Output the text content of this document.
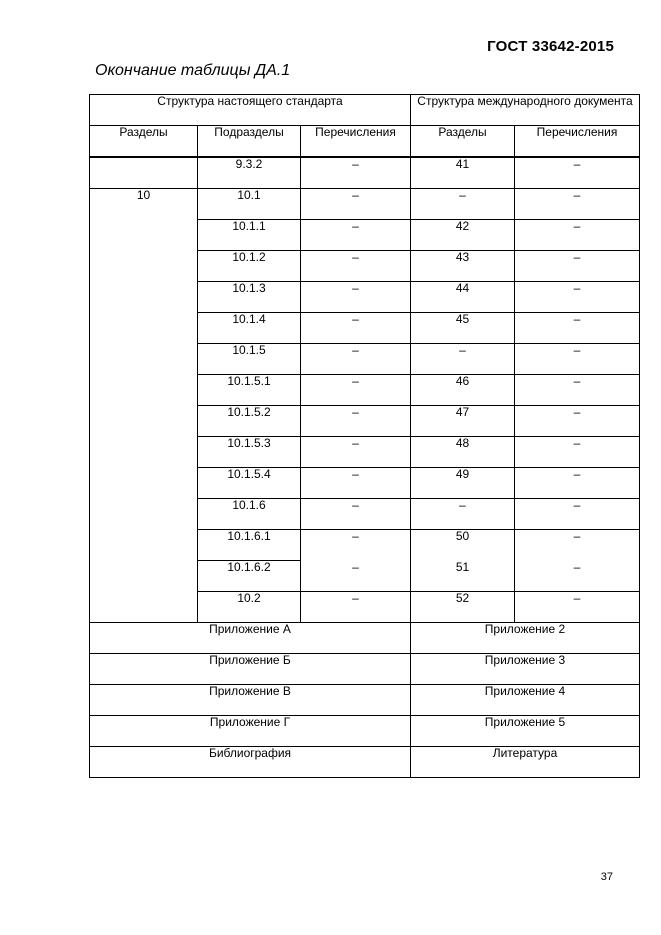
ГОСТ 33642-2015
Окончание таблицы ДА.1
Структура настоящего стандарта			Структура международного документа	
Разделы	Подразделы	Перечисления	Разделы	Перечисления
	9.3.2	–	41	–
10	10.1	–	–	–
	10.1.1	–	42	–
	10.1.2	–	43	–
	10.1.3	–	44	–
	10.1.4	–	45	–
	10.1.5	–	–	–
	10.1.5.1	–	46	–
	10.1.5.2	–	47	–
	10.1.5.3	–	48	–
	10.1.5.4	–	49	–
	10.1.6	–	–	–
	10.1.6.1	–	50	–
	10.1.6.2	–	51	–
	10.2	–	52	–
Приложение А			Приложение 2	
Приложение Б			Приложение 3	
Приложение В			Приложение 4	
Приложение Г			Приложение 5	
Библиография			Литература	
37
